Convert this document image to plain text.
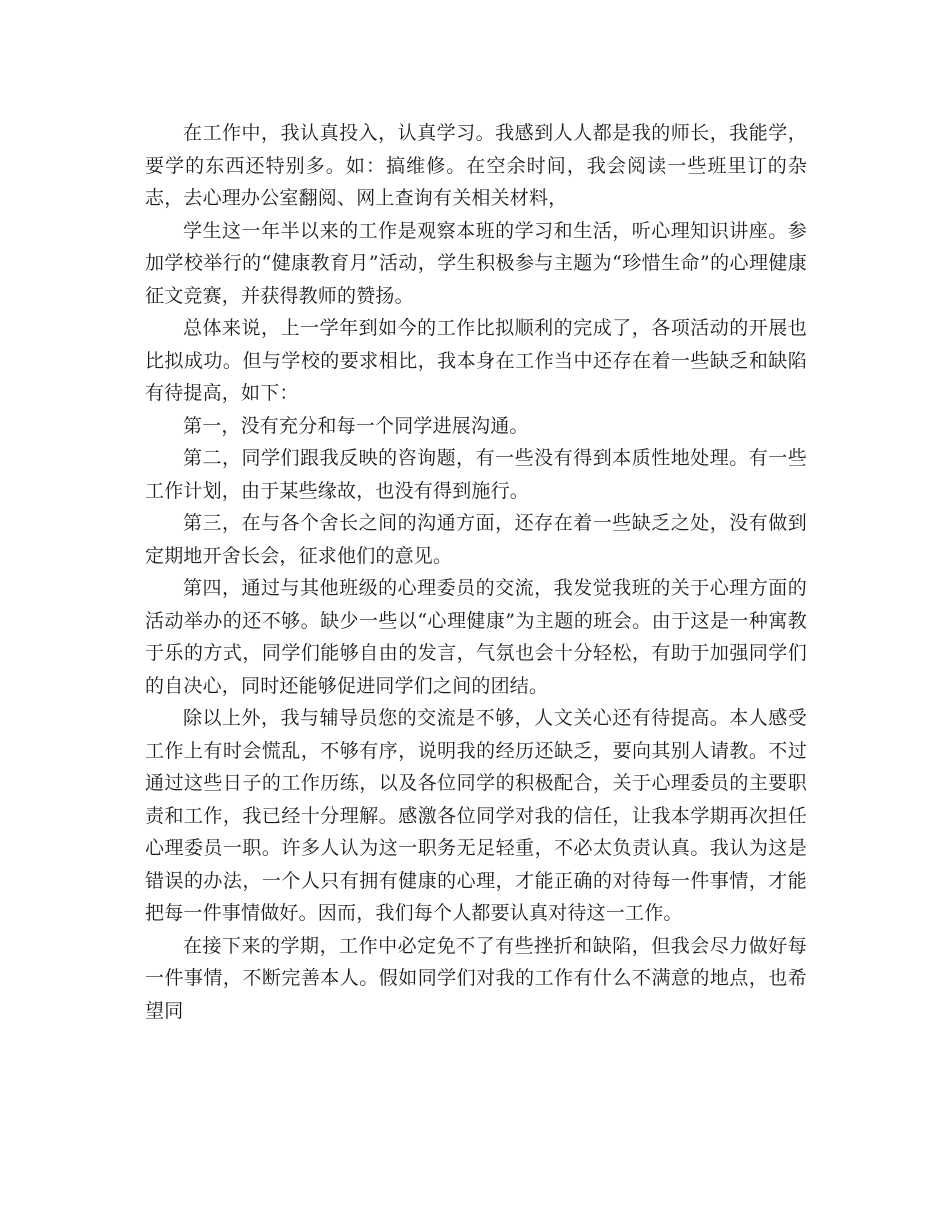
在工作中，我认真投入，认真学习。我感到人人都是我的师长，我能学，要学的东西还特别多。如：搞维修。在空余时间，我会阅读一些班里订的杂志，去心理办公室翻阅、网上查询有关相关材料，

学生这一年半以来的工作是观察本班的学习和生活，听心理知识讲座。参加学校举行的“健康教育月”活动，学生积极参与主题为“珍惜生命”的心理健康征文竞赛，并获得教师的赞扬。

总体来说，上一学年到如今的工作比拟顺利的完成了，各项活动的开展也比拟成功。但与学校的要求相比，我本身在工作当中还存在着一些缺乏和缺陷有待提高，如下：

第一，没有充分和每一个同学进展沟通。

第二，同学们跟我反映的咨询题，有一些没有得到本质性地处理。有一些工作计划，由于某些缘故，也没有得到施行。

第三，在与各个舍长之间的沟通方面，还存在着一些缺乏之处，没有做到定期地开舍长会，征求他们的意见。

第四，通过与其他班级的心理委员的交流，我发觉我班的关于心理方面的活动举办的还不够。缺少一些以“心理健康”为主题的班会。由于这是一种寓教于乐的方式，同学们能够自由的发言，气氛也会十分轻松，有助于加强同学们的自决心，同时还能够促进同学们之间的团结。

除以上外，我与辅导员您的交流是不够，人文关心还有待提高。本人感受工作上有时会慌乱，不够有序，说明我的经历还缺乏，要向其别人请教。不过通过这些日子的工作历练，以及各位同学的积极配合，关于心理委员的主要职责和工作，我已经十分理解。感激各位同学对我的信任，让我本学期再次担任心理委员一职。许多人认为这一职务无足轻重，不必太负责认真。我认为这是错误的办法，一个人只有拥有健康的心理，才能正确的对待每一件事情，才能把每一件事情做好。因而，我们每个人都要认真对待这一工作。

在接下来的学期，工作中必定免不了有些挫折和缺陷，但我会尽力做好每一件事情，不断完善本人。假如同学们对我的工作有什么不满意的地点，也希望同
